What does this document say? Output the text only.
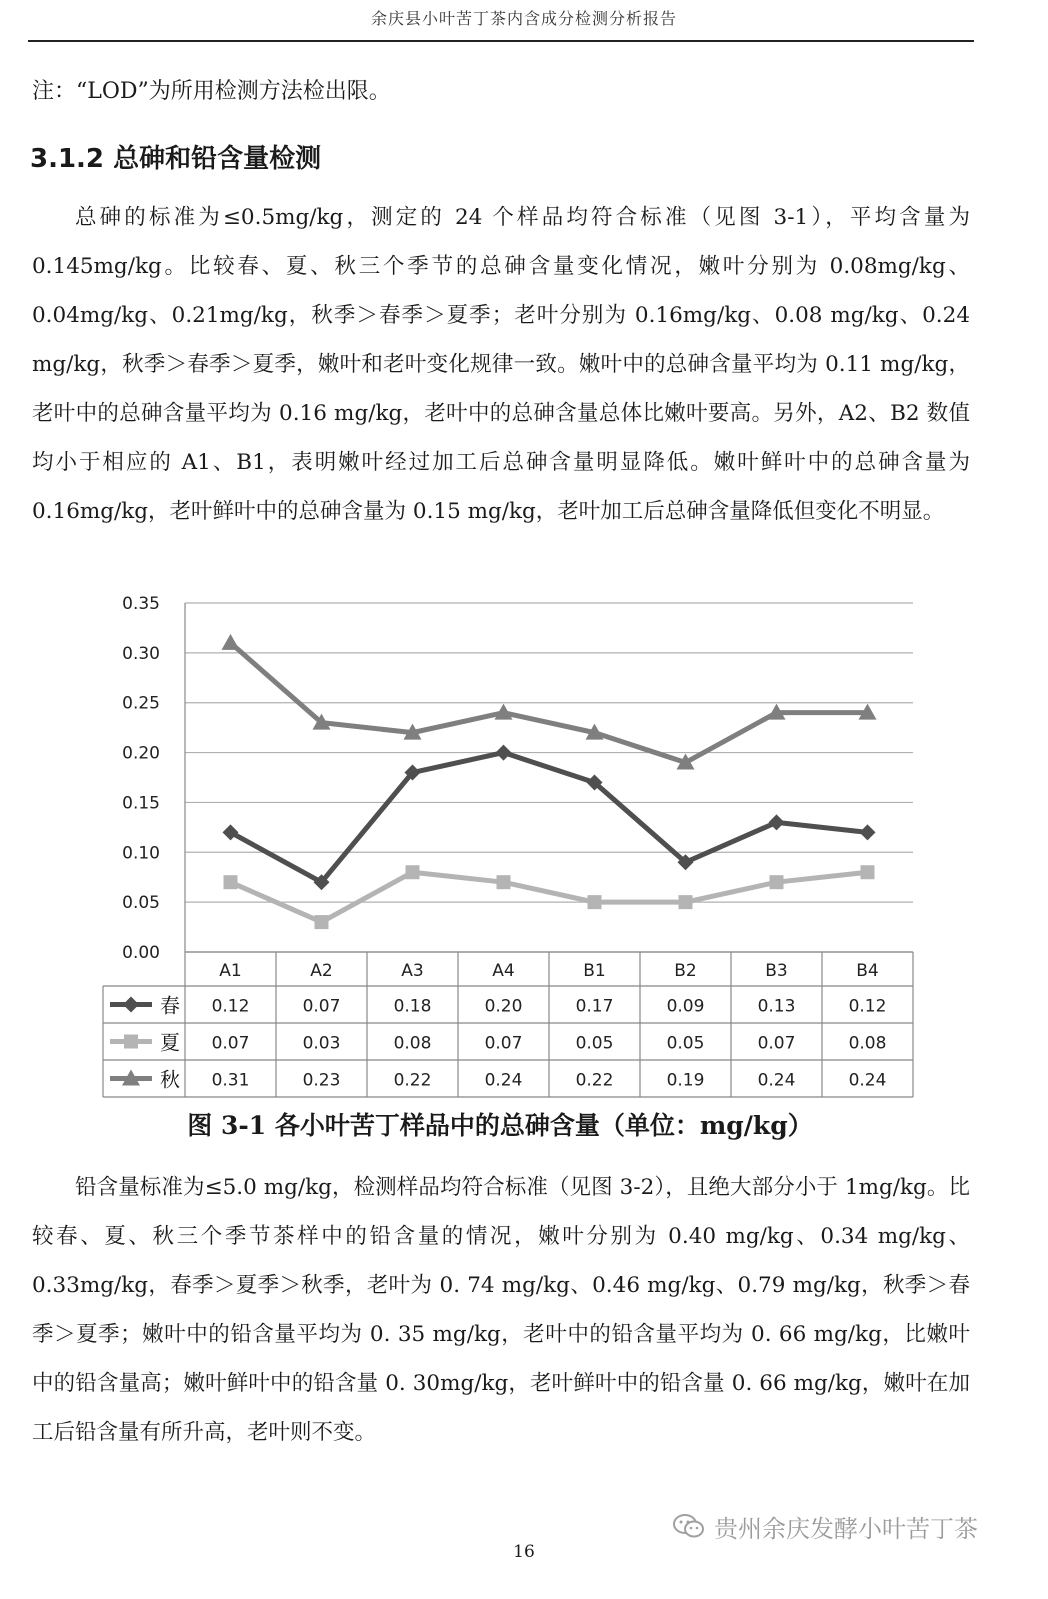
余庆县小叶苦丁茶内含成分检测分析报告
注：“LOD”为所用检测方法检出限。
3.1.2 总砷和铅含量检测

总砷的标准为≤0.5mg/kg，测定的 24 个样品均符合标准（见图 3-1），平均含量为 0.145mg/kg。比较春、夏、秋三个季节的总砷含量变化情况，嫩叶分别为 0.08mg/kg、0.04mg/kg、0.21mg/kg，秋季＞春季＞夏季；老叶分别为 0.16mg/kg、0.08 mg/kg、0.24 mg/kg，秋季＞春季＞夏季，嫩叶和老叶变化规律一致。嫩叶中的总砷含量平均为 0.11 mg/kg，老叶中的总砷含量平均为 0.16 mg/kg，老叶中的总砷含量总体比嫩叶要高。另外，A2、B2 数值均小于相应的 A1、B1，表明嫩叶经过加工后总砷含量明显降低。嫩叶鲜叶中的总砷含量为 0.16mg/kg，老叶鲜叶中的总砷含量为 0.15 mg/kg，老叶加工后总砷含量降低但变化不明显。

0.00
0.05
0.10
0.15
0.20
0.25
0.30
0.35
A1	A2	A3	A4	B1	B2	B3	B4
春 0.12	0.07	0.18	0.20	0.17	0.09	0.13	0.12
夏 0.07	0.03	0.08	0.07	0.05	0.05	0.07	0.08
秋 0.31	0.23	0.22	0.24	0.22	0.19	0.24	0.24
图 3-1 各小叶苦丁样品中的总砷含量（单位：mg/kg）

铅含量标准为≤5.0 mg/kg，检测样品均符合标准（见图 3-2），且绝大部分小于 1mg/kg。比较春、夏、秋三个季节茶样中的铅含量的情况，嫩叶分别为 0.40 mg/kg、0.34 mg/kg、0.33mg/kg，春季＞夏季＞秋季，老叶为 0. 74 mg/kg、0.46 mg/kg、0.79 mg/kg，秋季＞春季＞夏季；嫩叶中的铅含量平均为 0. 35 mg/kg，老叶中的铅含量平均为 0. 66 mg/kg，比嫩叶中的铅含量高；嫩叶鲜叶中的铅含量 0. 30mg/kg，老叶鲜叶中的铅含量 0. 66 mg/kg，嫩叶在加工后铅含量有所升高，老叶则不变。

贵州余庆发酵小叶苦丁茶
16
